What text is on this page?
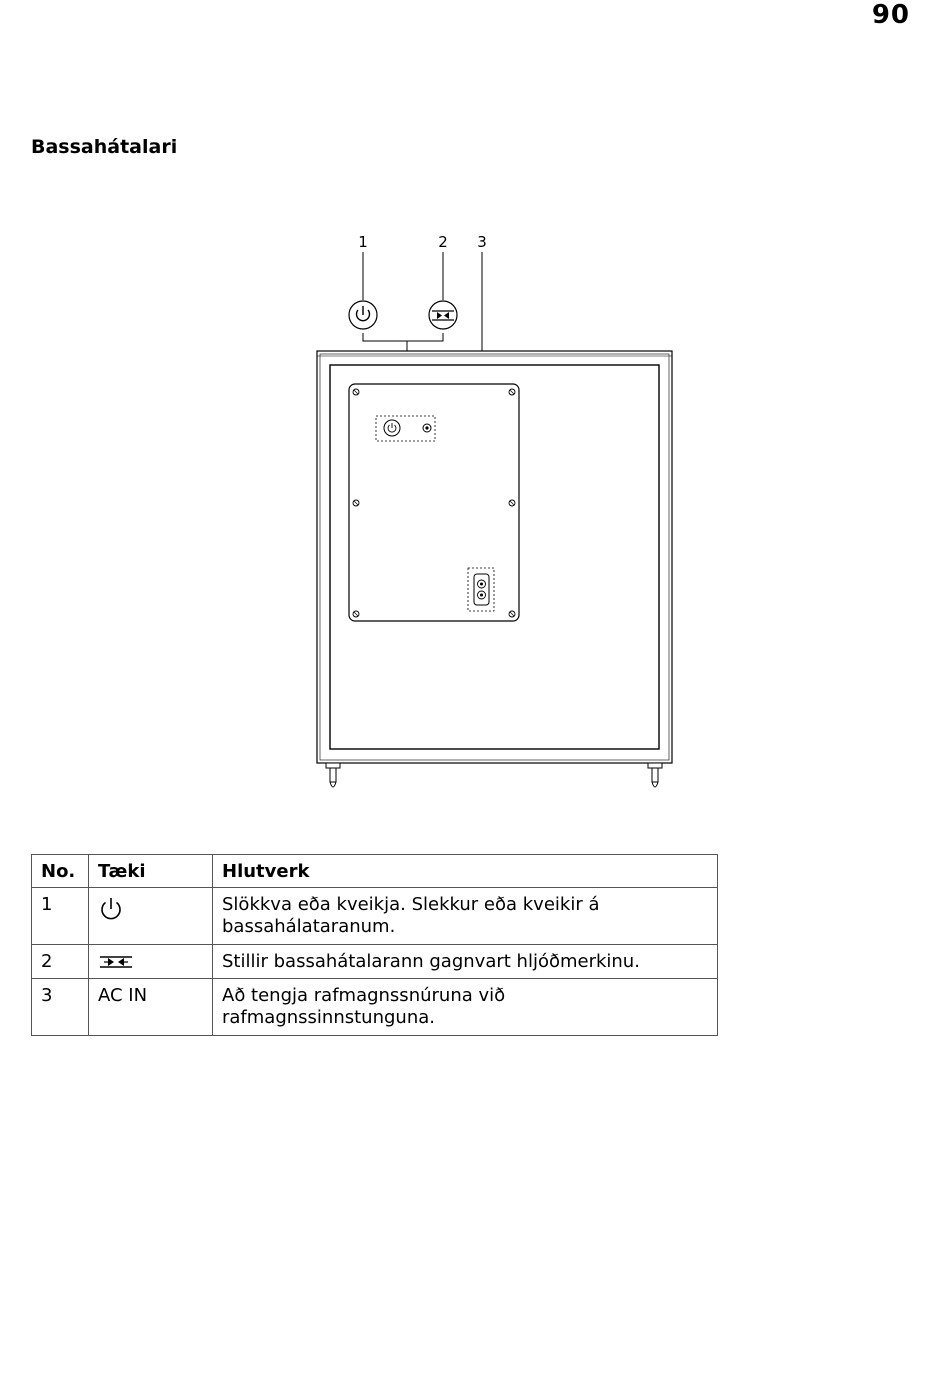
90
Bassahátalari
1	2 3
No.	Tæki	Hlutverk
1		Slökkva eða kveikja. Slekkur eða kveikir á bassahálataranum.
2		Stillir bassahátalarann gagnvart hljóðmerkinu.
3	AC IN	Að tengja rafmagnssnúruna við rafmagnssinnstunguna.
